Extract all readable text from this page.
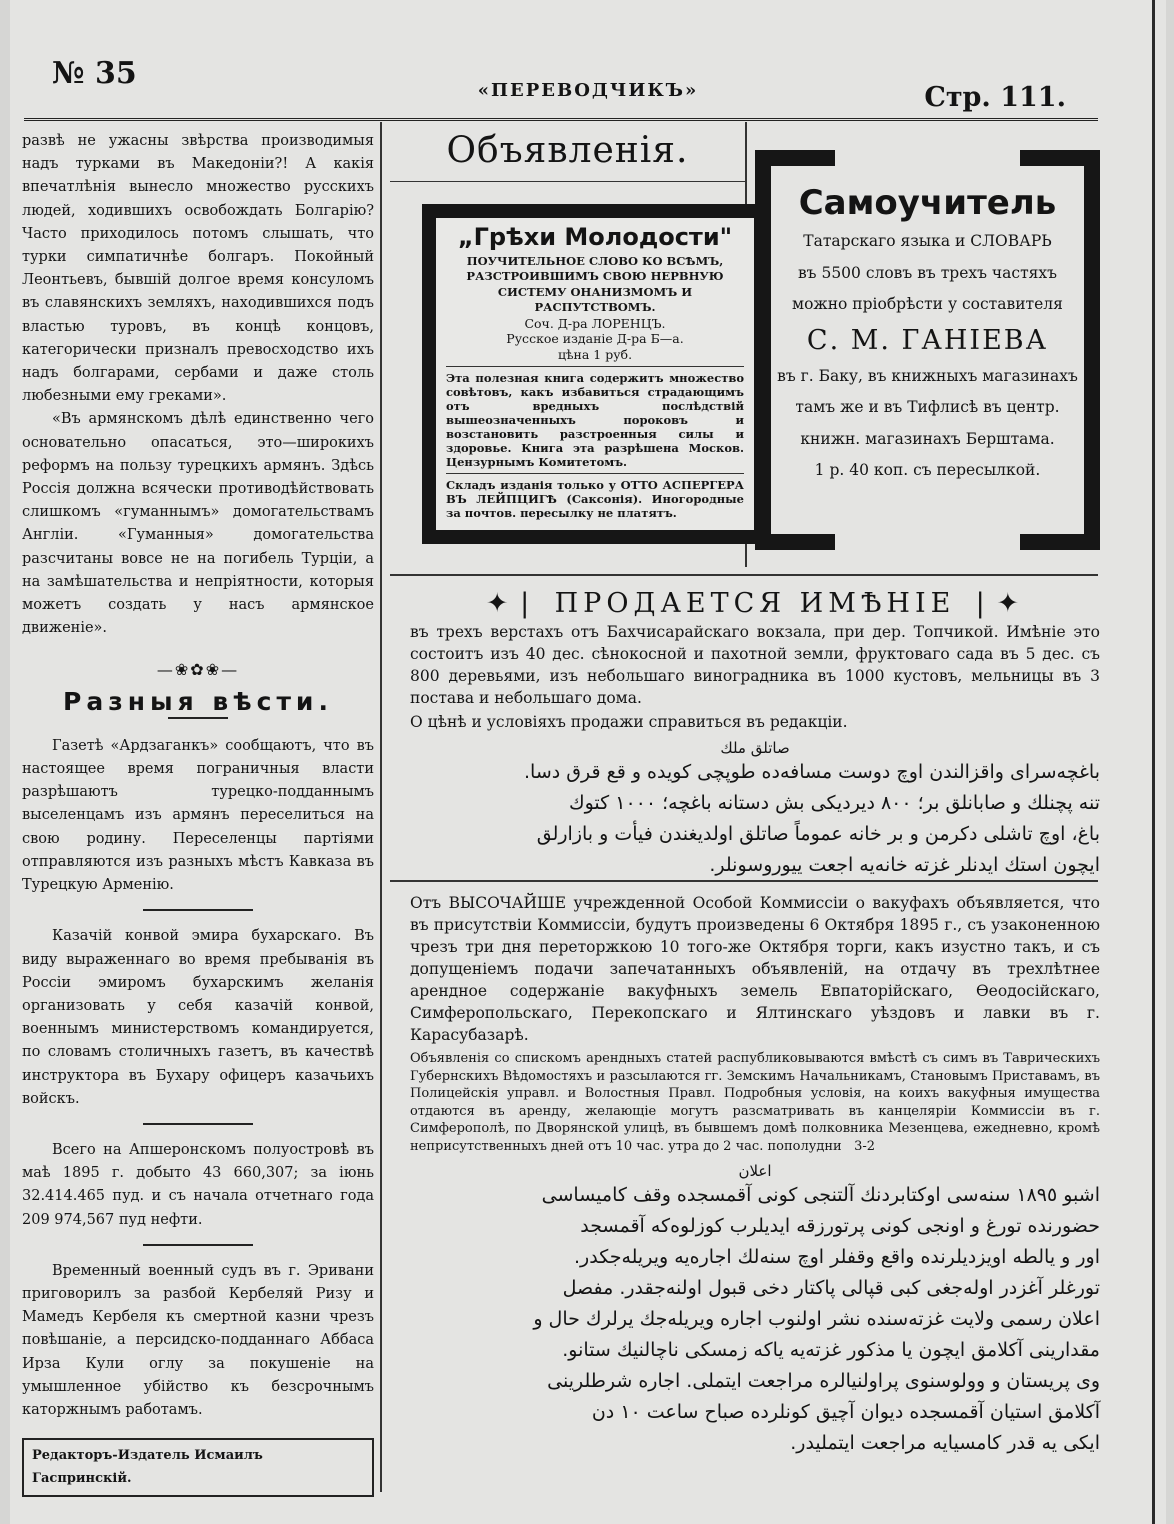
№ 35	«ПЕРЕВОДЧИКЪ»	Стр. 111.

развѣ не ужасны звѣрства производимыя надъ турками въ Македоніи?! А какія впечатлѣнія вынесло множество русскихъ людей, ходившихъ освобождать Болгарію? Часто приходилось потомъ слышать, что турки симпатичнѣе болгаръ. Покойный Леонтьевъ, бывшій долгое время консуломъ въ славянскихъ земляхъ, находившихся подъ властью туровъ, въ концѣ концовъ, категорически призналъ превосходство ихъ надъ болгарами, сербами и даже столь любезными ему греками».

«Въ армянскомъ дѣлѣ единственно чего основательно опасаться, это—широкихъ реформъ на пользу турецкихъ армянъ. Здѣсь Россія должна всячески противодѣйствовать слишкомъ «гуманнымъ» домогательствамъ Англіи. «Гуманныя» домогательства разсчитаны вовсе не на погибель Турціи, а на замѣшательства и непріятности, которыя можетъ создать у насъ армянское движеніе».

—❀✿❀—
Разныя вѣсти.

Газетѣ «Ардзаганкъ» сообщаютъ, что въ настоящее время пограничныя власти разрѣшаютъ турецко-подданнымъ выселенцамъ изъ армянъ переселиться на свою родину. Переселенцы партіями отправляются изъ разныхъ мѣстъ Кавказа въ Турецкую Арменію.

Казачій конвой эмира бухарскаго. Въ виду выраженнаго во время пребыванія въ Россіи эмиромъ бухарскимъ желанія организовать у себя казачій конвой, военнымъ министерствомъ командируется, по словамъ столичныхъ газетъ, въ качествѣ инструктора въ Бухару офицеръ казачьихъ войскъ.

Всего на Апшеронскомъ полуостровѣ въ маѣ 1895 г. добыто 43 660,307; за іюнь 32.414.465 пуд. и съ начала отчетнаго года 209 974,567 пуд нефти.

Временный военный судъ въ г. Эривани приговорилъ за разбой Кербеляй Ризу и Мамедъ Кербеля къ смертной казни чрезъ повѣшаніе, а персидско-подданнаго Аббаса Ирза Кули оглу за покушеніе на умышленное убійство къ безсрочнымъ каторжнымъ работамъ.

Редакторъ-Издатель Исмаилъ Гаспринскій.
Объявленія.
„Грѣхи Молодости"
ПОУЧИТЕЛЬНОЕ СЛОВО КО ВСѢМЪ, РАЗСТРОИВШИМЪ СВОЮ НЕРВНУЮ СИСТЕМУ ОНАНИЗМОМЪ И РАСПУТСТВОМЪ.
Соч. Д-ра ЛОРЕНЦЪ.
Русское изданіе Д-ра Б—а.
цѣна 1 руб.
Эта полезная книга содержитъ множество совѣтовъ, какъ избавиться страдающимъ отъ вредныхъ послѣдствій вышеозначенныхъ пороковъ и возстановить разстроенныя силы и здоровье. Книга эта разрѣшена Москов. Цензурнымъ Комитетомъ.
Складъ изданія только у ОТТО АСПЕРГЕРА ВЪ ЛЕЙПЦИГѢ (Саксонія). Иногородные за почтов. пересылку не платятъ.
Самоучитель
Татарскаго языка и СЛОВАРЬ
въ 5500 словъ въ трехъ частяхъ можно пріобрѣсти у составителя
С. М. ГАНІЕВА
въ г. Баку, въ книжныхъ магазинахъ тамъ же и въ Тифлисѣ въ центр. книжн. магазинахъ Берштама.
1 р. 40 коп. съ пересылкой.
✦❘ ПРОДАЕТСЯ ИМѢНІЕ ❘✦

въ трехъ верстахъ отъ Бахчисарайскаго вокзала, при дер. Топчикой. Имѣніе это состоитъ изъ 40 дес. сѣнокосной и пахотной земли, фруктоваго сада въ 5 дес. съ 800 деревьями, изъ небольшаго виноградника въ 1000 кустовъ, мельницы въ 3 постава и небольшаго дома.

О цѣнѣ и условіяхъ продажи справиться въ редакціи.

صاتلق ملك

باغچەسرای واقزالندن اوچ دوست مسافەدە طوپچی کویدە و قع قرق دسا.

تنە پچنلك و صابانلق بر؛ ٨٠٠ دیردیکی بش دستانە باغچە؛ ١٠٠٠ كتوك

باغ، اوچ تاشلی دکرمن و بر خانە عموماً صاتلق اولدیغندن فیأت و بازارلق

ایچون استك ایدنلر غزتە خانەیە اجعت ییوروسونلر.

Отъ ВЫСОЧАЙШЕ учрежденной Особой Коммиссіи о вакуфахъ объявляется, что въ присутствіи Коммиссіи, будутъ произведены 6 Октября 1895 г., съ узаконенною чрезъ три дня переторжкою 10 того-же Октября торги, какъ изустно такъ, и съ допущеніемъ подачи запечатанныхъ объявленій, на отдачу въ трехлѣтнее арендное содержаніе вакуфныхъ земель Евпаторійскаго, Ѳеодосійскаго, Симферопольскаго, Перекопскаго и Ялтинскаго уѣздовъ и лавки въ г. Карасубазарѣ.

Объявленія со спискомъ арендныхъ статей распубликовываются вмѣстѣ съ симъ въ Таврическихъ Губернскихъ Вѣдомостяхъ и разсылаются гг. Земскимъ Начальникамъ, Становымъ Приставамъ, въ Полицейскія управл. и Волостныя Правл. Подробныя условія, на коихъ вакуфныя имущества отдаются въ аренду, желающіе могутъ разсматривать въ канцеляріи Коммиссіи въ г. Симферополѣ, по Дворянской улицѣ, въ бывшемъ домѣ полковника Мезенцева, ежедневно, кромѣ неприсутственныхъ дней отъ 10 час. утра до 2 час. пополудни 3-2

اعلان

اشبو ١٨٩٥ سنەسی اوکتابردنك آلتنجی کونی آقمسجدە وقف کامیساسی

حضورندە تورغ و اونجی کونی پرتورزقە ایدیلرب کوزلوەکە آقمسجد

اور و یالطە اویزدیلرندە واقع وقفلر اوچ سنەلك اجارەیە ویریلەجکدر.

تورغلر آغزدر اولەجغی کبی قپالی پاکتار دخی قبول اولنەجقدر. مفصل

اعلان رسمی ولایت غزتەسندە نشر اولنوب اجارە ویریلەجك یرلرك حال و

مقدارینی آکلامق ایچون یا مذکور غزتەیە یاکە زمسکی ناچالنیك ستانو.

وی پریستان و وولوسنوی پراولنیالرە مراجعت ایتملی. اجارە شرطلرینی

آکلامق استیان آقمسجدە دیوان آچیق کونلردە صباح ساعت ١٠ دن

ایکی یە قدر کامسیایە مراجعت ایتملیدر.
